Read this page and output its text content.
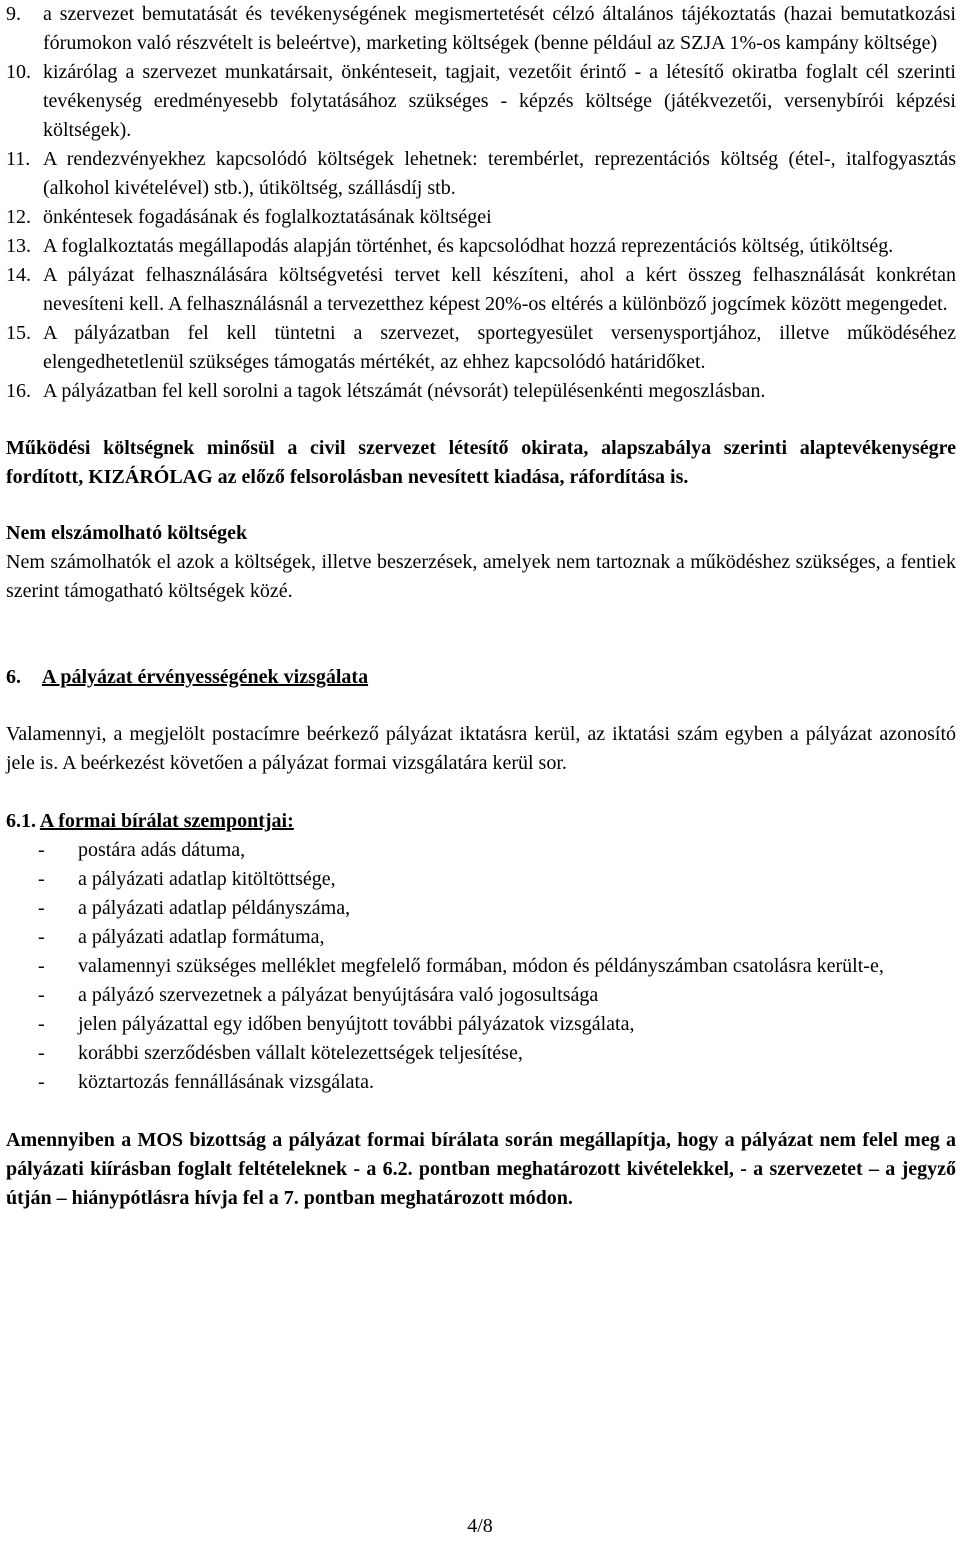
9. a szervezet bemutatását és tevékenységének megismertetését célzó általános tájékoztatás (hazai bemutatkozási fórumokon való részvételt is beleértve), marketing költségek (benne például az SZJA 1%-os kampány költsége)
10. kizárólag a szervezet munkatársait, önkénteseit, tagjait, vezetőit érintő - a létesítő okiratba foglalt cél szerinti tevékenység eredményesebb folytatásához szükséges - képzés költsége (játékvezetői, versenybírói képzési költségek).
11. A rendezvényekhez kapcsolódó költségek lehetnek: terembérlet, reprezentációs költség (étel-, italfogyasztás (alkohol kivételével) stb.), útiköltség, szállásdíj stb.
12. önkéntesek fogadásának és foglalkoztatásának költségei
13. A foglalkoztatás megállapodás alapján történhet, és kapcsolódhat hozzá reprezentációs költség, útiköltség.
14. A pályázat felhasználására költségvetési tervet kell készíteni, ahol a kért összeg felhasználását konkrétan nevesíteni kell. A felhasználásnál a tervezetthez képest 20%-os eltérés a különböző jogcímek között megengedet.
15. A pályázatban fel kell tüntetni a szervezet, sportegyesület versenysportjához, illetve működéséhez elengedhetetlenül szükséges támogatás mértékét, az ehhez kapcsolódó határidőket.
16. A pályázatban fel kell sorolni a tagok létszámát (névsorát) településenkénti megoszlásban.
Működési költségnek minősül a civil szervezet létesítő okirata, alapszabálya szerinti alaptevékenységre fordított, KIZÁRÓLAG az előző felsorolásban nevesített kiadása, ráfordítása is.
Nem elszámolható költségek
Nem számolhatók el azok a költségek, illetve beszerzések, amelyek nem tartoznak a működéshez szükséges, a fentiek szerint támogatható költségek közé.
6. A pályázat érvényességének vizsgálata
Valamennyi, a megjelölt postacímre beérkező pályázat iktatásra kerül, az iktatási szám egyben a pályázat azonosító jele is. A beérkezést követően a pályázat formai vizsgálatára kerül sor.
6.1. A formai bírálat szempontjai:
- postára adás dátuma,
- a pályázati adatlap kitöltöttsége,
- a pályázati adatlap példányszáma,
- a pályázati adatlap formátuma,
- valamennyi szükséges melléklet megfelelő formában, módon és példányszámban csatolásra került-e,
- a pályázó szervezetnek a pályázat benyújtására való jogosultsága
- jelen pályázattal egy időben benyújtott további pályázatok vizsgálata,
- korábbi szerződésben vállalt kötelezettségek teljesítése,
- köztartozás fennállásának vizsgálata.
Amennyiben a MOS bizottság a pályázat formai bírálata során megállapítja, hogy a pályázat nem felel meg a pályázati kiírásban foglalt feltételeknek - a 6.2. pontban meghatározott kivételekkel, - a szervezetet – a jegyző útján – hiánypótlásra hívja fel a 7. pontban meghatározott módon.
4/8
